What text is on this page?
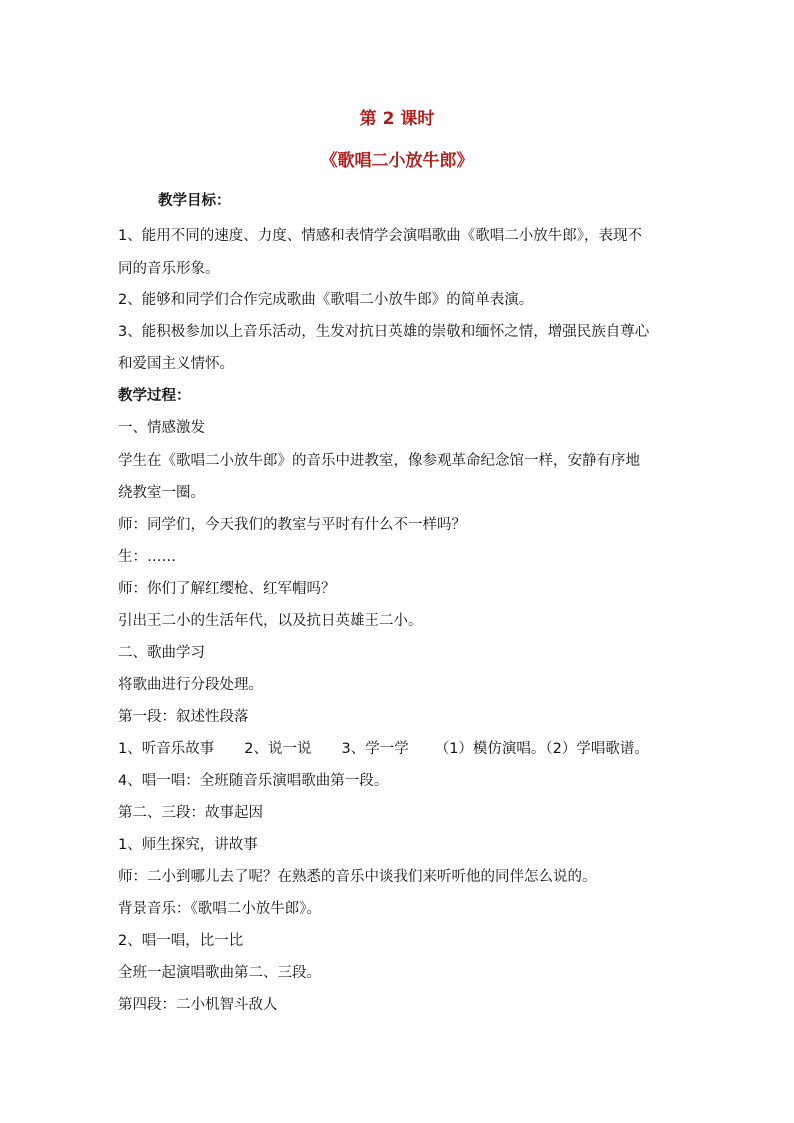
第 2 课时
《歌唱二小放牛郎》
教学目标：
1、能用不同的速度、力度、情感和表情学会演唱歌曲《歌唱二小放牛郎》，表现不
同的音乐形象。
2、能够和同学们合作完成歌曲《歌唱二小放牛郎》的简单表演。
3、能积极参加以上音乐活动，生发对抗日英雄的崇敬和缅怀之情，增强民族自尊心
和爱国主义情怀。
教学过程：
一、情感激发
学生在《歌唱二小放牛郎》的音乐中进教室，像参观革命纪念馆一样，安静有序地
绕教室一圈。
师：同学们，今天我们的教室与平时有什么不一样吗？
生：……
师：你们了解红缨枪、红军帽吗？
引出王二小的生活年代，以及抗日英雄王二小。
二、歌曲学习
将歌曲进行分段处理。
第一段：叙述性段落
1、听音乐故事 2、说一说 3、学一学 （1）模仿演唱。（2）学唱歌谱。
4、唱一唱：全班随音乐演唱歌曲第一段。
第二、三段：故事起因
1、师生探究，讲故事
师：二小到哪儿去了呢？在熟悉的音乐中谈我们来听听他的同伴怎么说的。
背景音乐：《歌唱二小放牛郎》。
2、唱一唱，比一比
全班一起演唱歌曲第二、三段。
第四段：二小机智斗敌人
